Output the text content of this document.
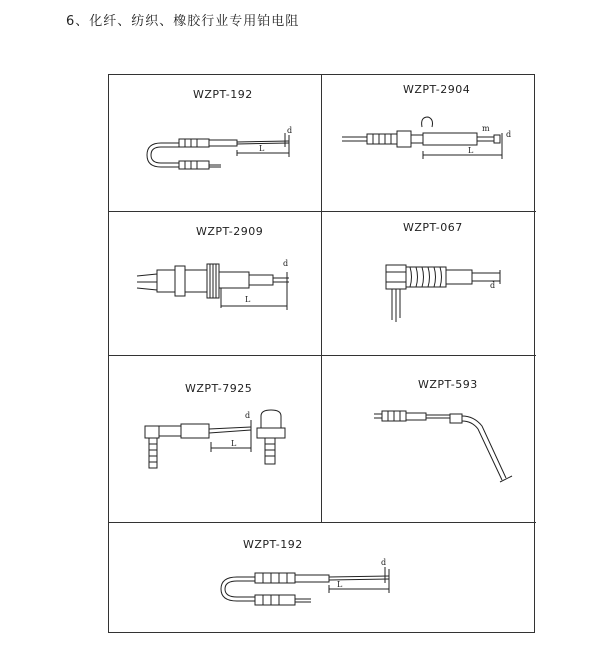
6、化纤、纺织、橡胶行业专用铂电阻
WZPT-192
L
d
WZPT-2904
L
d
m
WZPT-2909
L
d
WZPT-067
d
WZPT-7925
L
d
WZPT-593
WZPT-192
L
d
